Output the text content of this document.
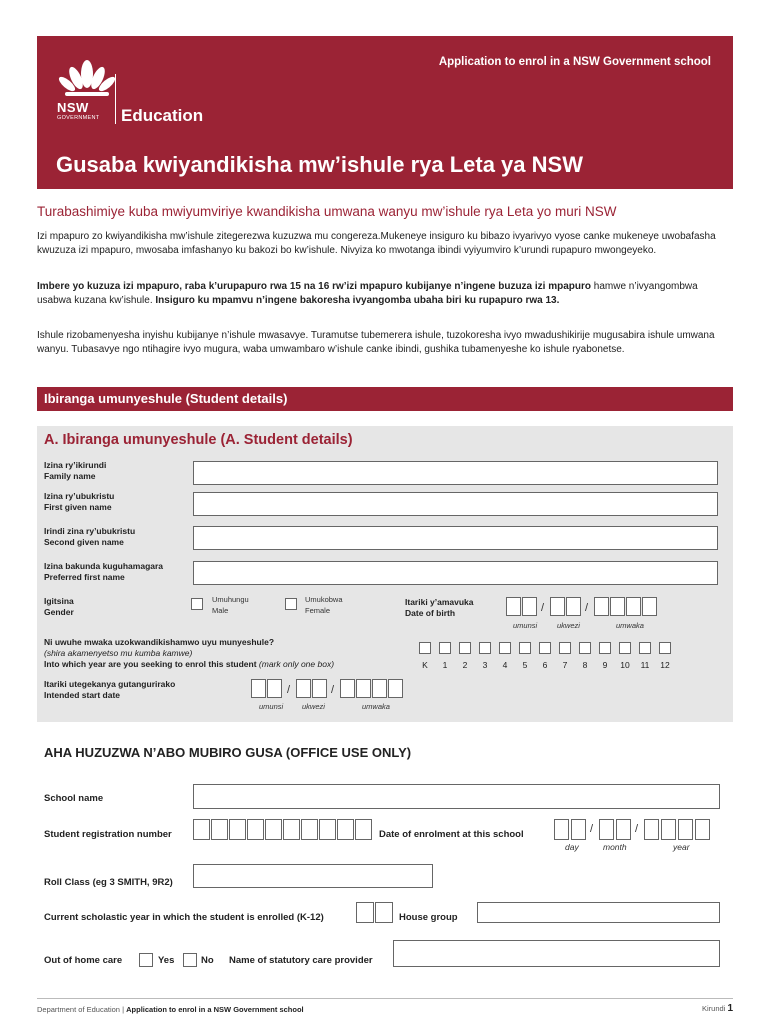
NSW
GOVERNMENT Education
Application to enrol in a NSW Government school
Gusaba kwiyandikisha mw’ishule rya Leta ya NSW
Turabashimiye kuba mwiyumviriye kwandikisha umwana wanyu mw’ishule rya Leta yo muri NSW
Izi mpapuro zo kwiyandikisha mw’ishule zitegerezwa kuzuzwa mu congereza.Mukeneye insiguro ku bibazo ivyarivyo vyose canke mukeneye uwobafasha kwuzuza izi mpapuro, mwosaba imfashanyo ku bakozi bo kw’ishule. Nivyiza ko mwotanga ibindi vyiyumviro k’urundi rupapuro mwongeyeko.
Imbere yo kuzuza izi mpapuro, raba k’urupapuro rwa 15 na 16 rw’izi mpapuro kubijanye n’ingene buzuza izi mpapuro hamwe n’ivyangombwa usabwa kuzana kw’ishule. Insiguro ku mpamvu n’ingene bakoresha ivyangomba ubaha biri ku rupapuro rwa 13.
Ishule rizobamenyesha inyishu kubijanye n’ishule mwasavye. Turamutse tubemerera ishule, tuzokoresha ivyo mwadushikirije mugusabira ishule umwana wanyu. Tubasavye ngo ntihagire ivyo mugura, waba umwambaro w’ishule canke ibindi, gushika tubamenyeshe ko ishule ryabonetse.
Ibiranga umunyeshule (Student details)
A. Ibiranga umunyeshule (A. Student details)
Izina ry’ikirundi
Family name
Izina ry’ubukristu
First given name
Irindi zina ry’ubukristu
Second given name
Izina bakunda kuguhamagara
Preferred first name
Igitsina
Gender
Umuhungu
Male
Umukobwa
Female
Itariki y’amavuka
Date of birth	/	/
umunsi	ukwezi	umwaka
Ni uwuhe mwaka uzokwandikishamwo uyu munyeshule?
(shira akamenyetso mu kumba kamwe)
Into which year are you seeking to enrol this student (mark only one box)	K	1	2	3	4	5	6	7	8	9	10	11	12
Itariki utegekanya gutangurirako
Intended start date	/	/
umunsi	ukwezi	umwaka
AHA HUZUZWA N’ABO MUBIRO GUSA (OFFICE USE ONLY)
School name
Student registration number	Date of enrolment at this school	/	/
day	month	year
Roll Class (eg 3 SMITH, 9R2)
Current scholastic year in which the student is enrolled (K-12)	House group
Out of home care	Yes	No Name of statutory care provider
Department of Education | Application to enrol in a NSW Government school	Kirundi 1
